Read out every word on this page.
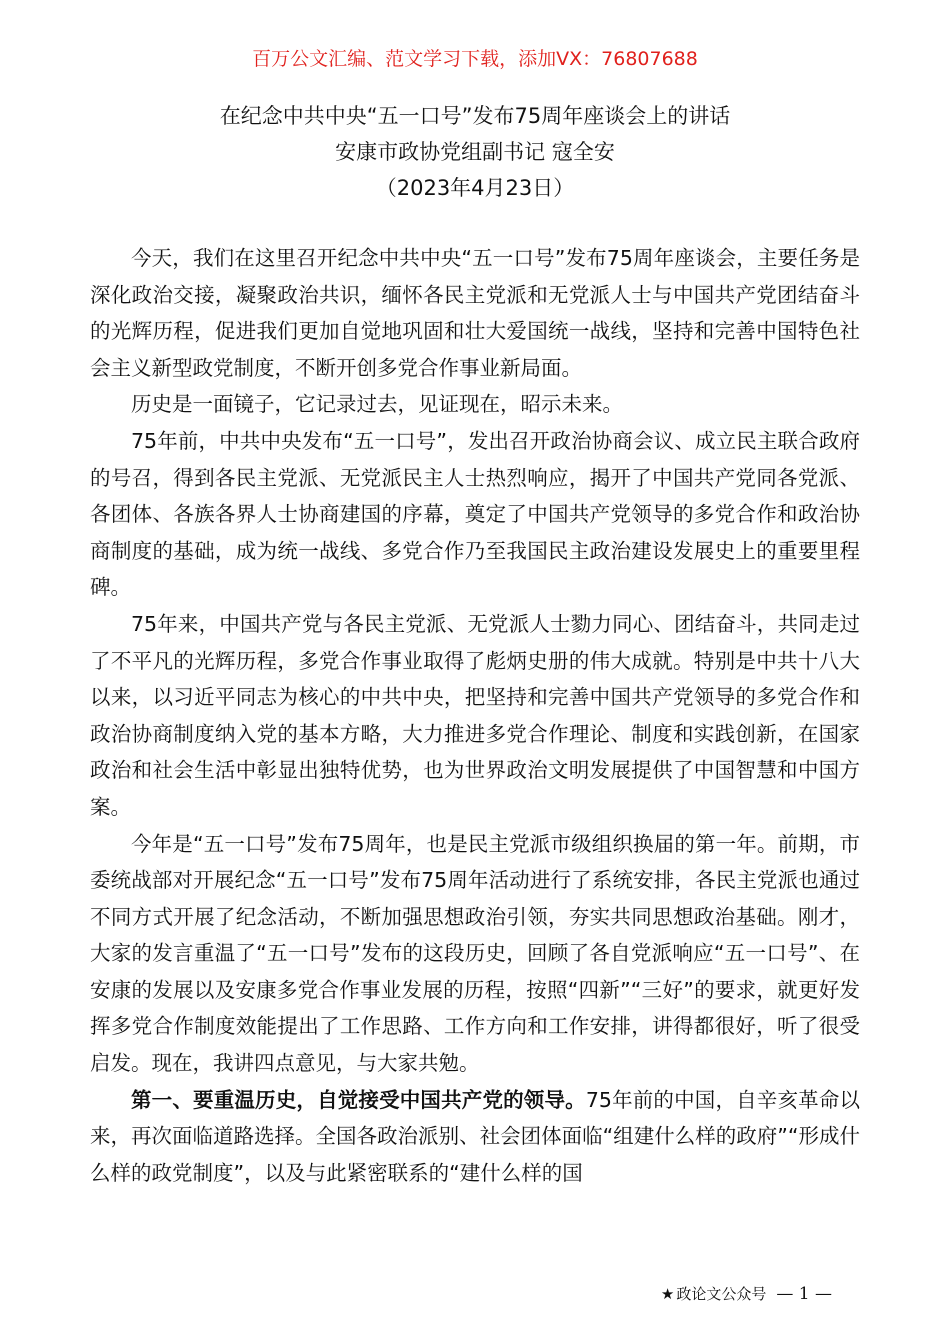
百万公文汇编、范文学习下载，添加VX：76807688
在纪念中共中央“五一口号”发布75周年座谈会上的讲话
安康市政协党组副书记 寇全安
（2023年4月23日）

今天，我们在这里召开纪念中共中央“五一口号”发布75周年座谈会，主要任务是深化政治交接，凝聚政治共识，缅怀各民主党派和无党派人士与中国共产党团结奋斗的光辉历程，促进我们更加自觉地巩固和壮大爱国统一战线，坚持和完善中国特色社会主义新型政党制度，不断开创多党合作事业新局面。

历史是一面镜子，它记录过去，见证现在，昭示未来。

75年前，中共中央发布“五一口号”，发出召开政治协商会议、成立民主联合政府的号召，得到各民主党派、无党派民主人士热烈响应，揭开了中国共产党同各党派、各团体、各族各界人士协商建国的序幕，奠定了中国共产党领导的多党合作和政治协商制度的基础，成为统一战线、多党合作乃至我国民主政治建设发展史上的重要里程碑。

75年来，中国共产党与各民主党派、无党派人士勠力同心、团结奋斗，共同走过了不平凡的光辉历程，多党合作事业取得了彪炳史册的伟大成就。特别是中共十八大以来，以习近平同志为核心的中共中央，把坚持和完善中国共产党领导的多党合作和政治协商制度纳入党的基本方略，大力推进多党合作理论、制度和实践创新，在国家政治和社会生活中彰显出独特优势，也为世界政治文明发展提供了中国智慧和中国方案。

今年是“五一口号”发布75周年，也是民主党派市级组织换届的第一年。前期，市委统战部对开展纪念“五一口号”发布75周年活动进行了系统安排，各民主党派也通过不同方式开展了纪念活动，不断加强思想政治引领，夯实共同思想政治基础。刚才，大家的发言重温了“五一口号”发布的这段历史，回顾了各自党派响应“五一口号”、在安康的发展以及安康多党合作事业发展的历程，按照“四新”“三好”的要求，就更好发挥多党合作制度效能提出了工作思路、工作方向和工作安排，讲得都很好，听了很受启发。现在，我讲四点意见，与大家共勉。

第一、要重温历史，自觉接受中国共产党的领导。75年前的中国，自辛亥革命以来，再次面临道路选择。全国各政治派别、社会团体面临“组建什么样的政府”“形成什么样的政党制度”，以及与此紧密联系的“建什么样的国

★ 政论文公众号 — 1 —
